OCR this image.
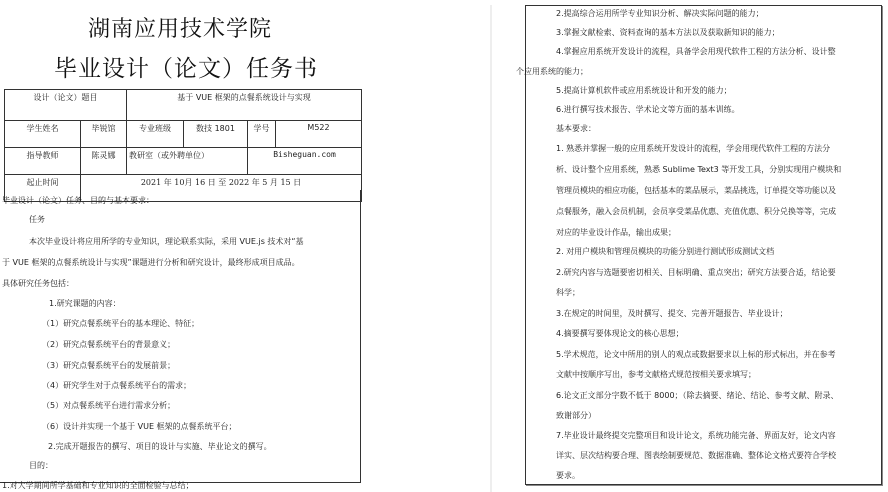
湖南应用技术学院
毕业设计（论文）任务书
设计（论文）题目		基于 VUE 框架的点餐系统设计与实现			
学生姓名	毕锐馆	专业班级	数技 1801	学号	M522
指导教师	陈灵娜	教研室（或外聘单位）		Bisheguan.com	
起止时间	2021 年 10月 16 日 至 2022 年 5 月 15 日				
毕业设计（论文）任务、目的与基本要求：
任务
本次毕业设计将应用所学的专业知识，理论联系实际，采用 VUE.js 技术对“基
于 VUE 框架的点餐系统设计与实现”课题进行分析和研究设计，最终形成项目成品。
具体研究任务包括：
1.研究课题的内容：
（1）研究点餐系统平台的基本理论、特征；
（2）研究点餐系统平台的背景意义；
（3）研究点餐系统平台的发展前景；
（4）研究学生对于点餐系统平台的需求；
（5）对点餐系统平台进行需求分析；
（6）设计并实现一个基于 VUE 框架的点餐系统平台；
2.完成开题报告的撰写、项目的设计与实施、毕业论文的撰写。
目的：
1.对大学期间所学基础和专业知识的全面检验与总结；
2.提高综合运用所学专业知识分析、解决实际问题的能力；
3.掌握文献检索、资料查询的基本方法以及获取新知识的能力；
4.掌握应用系统开发设计的流程，具备学会用现代软件工程的方法分析、设计整
个应用系统的能力；
5.提高计算机软件或应用系统设计和开发的能力；
6.进行撰写技术报告、学术论文等方面的基本训练。
基本要求：
1. 熟悉并掌握一般的应用系统开发设计的流程，学会用现代软件工程的方法分
析、设计整个应用系统，熟悉 Sublime Text3 等开发工具，分别实现用户模块和
管理员模块的相应功能，包括基本的菜品展示，菜品挑选，订单提交等功能以及
点餐服务，融入会员机制，会员享受菜品优惠、充值优惠、积分兑换等等，完成
对应的毕业设计作品，输出成果；
2. 对用户模块和管理员模块的功能分别进行测试形成测试文档
2.研究内容与选题要密切相关、目标明确、重点突出；研究方法要合适，结论要
科学；
3.在规定的时间里，及时撰写、提交、完善开题报告、毕业设计；
4.摘要撰写要体现论文的核心思想；
5.学术规范，论文中所用的别人的观点或数据要求以上标的形式标出，并在参考
文献中按顺序写出，参考文献格式规范按相关要求填写；
6.论文正文部分字数不低于 8000；（除去摘要、绪论、结论、参考文献、附录、
致谢部分）
7.毕业设计最终提交完整项目和设计论文，系统功能完备、界面友好，论文内容
详实、层次结构要合理、图表绘制要规范、数据准确、整体论文格式要符合学校
要求。
